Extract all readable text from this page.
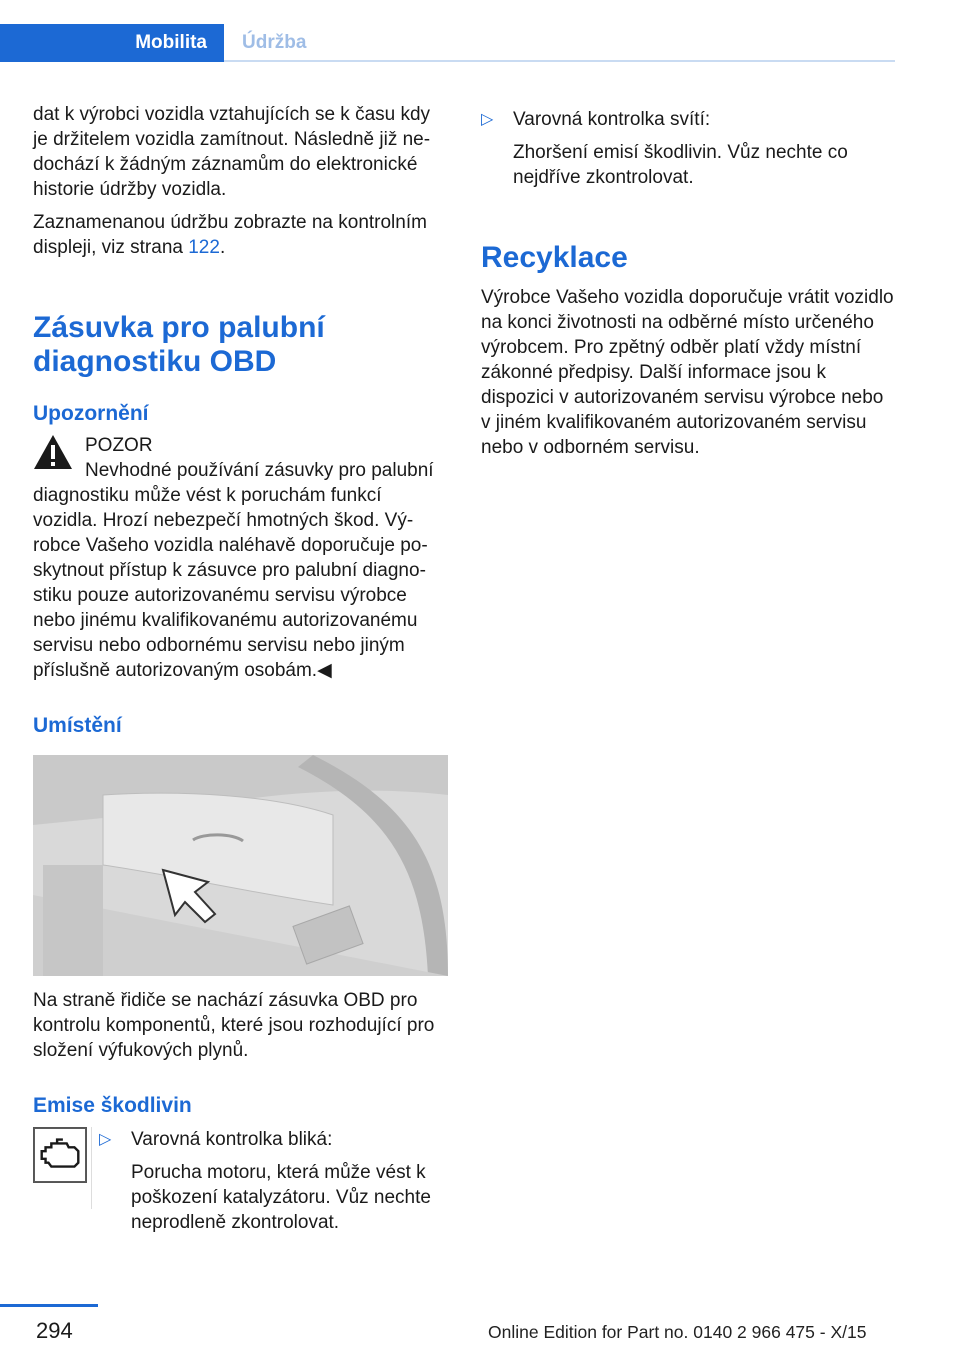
Mobilita	Údržba

dat k výrobci vozidla vztahujících se k času kdy je držitelem vozidla zamítnout. Následně již nedochází k žádným záznamům do elektronické historie údržby vozidla.

Zaznamenanou údržbu zobrazte na kontrolním displeji, viz strana 122.

Zásuvka pro palubní diagnostiku OBD
Upozornění

POZOR

Nevhodné používání zásuvky pro palubní diagnostiku může vést k poruchám funkcí vozidla. Hrozí nebezpečí hmotných škod. Výrobce Vašeho vozidla naléhavě doporučuje poskytnout přístup k zásuvce pro palubní diagnostiku pouze autorizovanému servisu výrobce nebo jinému kvalifikovanému autorizovanému servisu nebo odbornému servisu nebo jiným příslušně autorizovaným osobám.◀

Umístění

Na straně řidiče se nachází zásuvka OBD pro kontrolu komponentů, které jsou rozhodující pro složení výfukových plynů.

Emise škodlivin
▷ Varovná kontrolka bliká:

Porucha motoru, která může vést k poškození katalyzátoru. Vůz nechte neprodleně zkontrolovat.

▷ Varovná kontrolka svítí:

Zhoršení emisí škodlivin. Vůz nechte co nejdříve zkontrolovat.

Recyklace

Výrobce Vašeho vozidla doporučuje vrátit vozidlo na konci životnosti na odběrné místo určeného výrobcem. Pro zpětný odběr platí vždy místní zákonné předpisy. Další informace jsou k dispozici v autorizovaném servisu výrobce nebo v jiném kvalifikovaném autorizovaném servisu nebo v odborném servisu.

294	Online Edition for Part no. 0140 2 966 475 - X/15
